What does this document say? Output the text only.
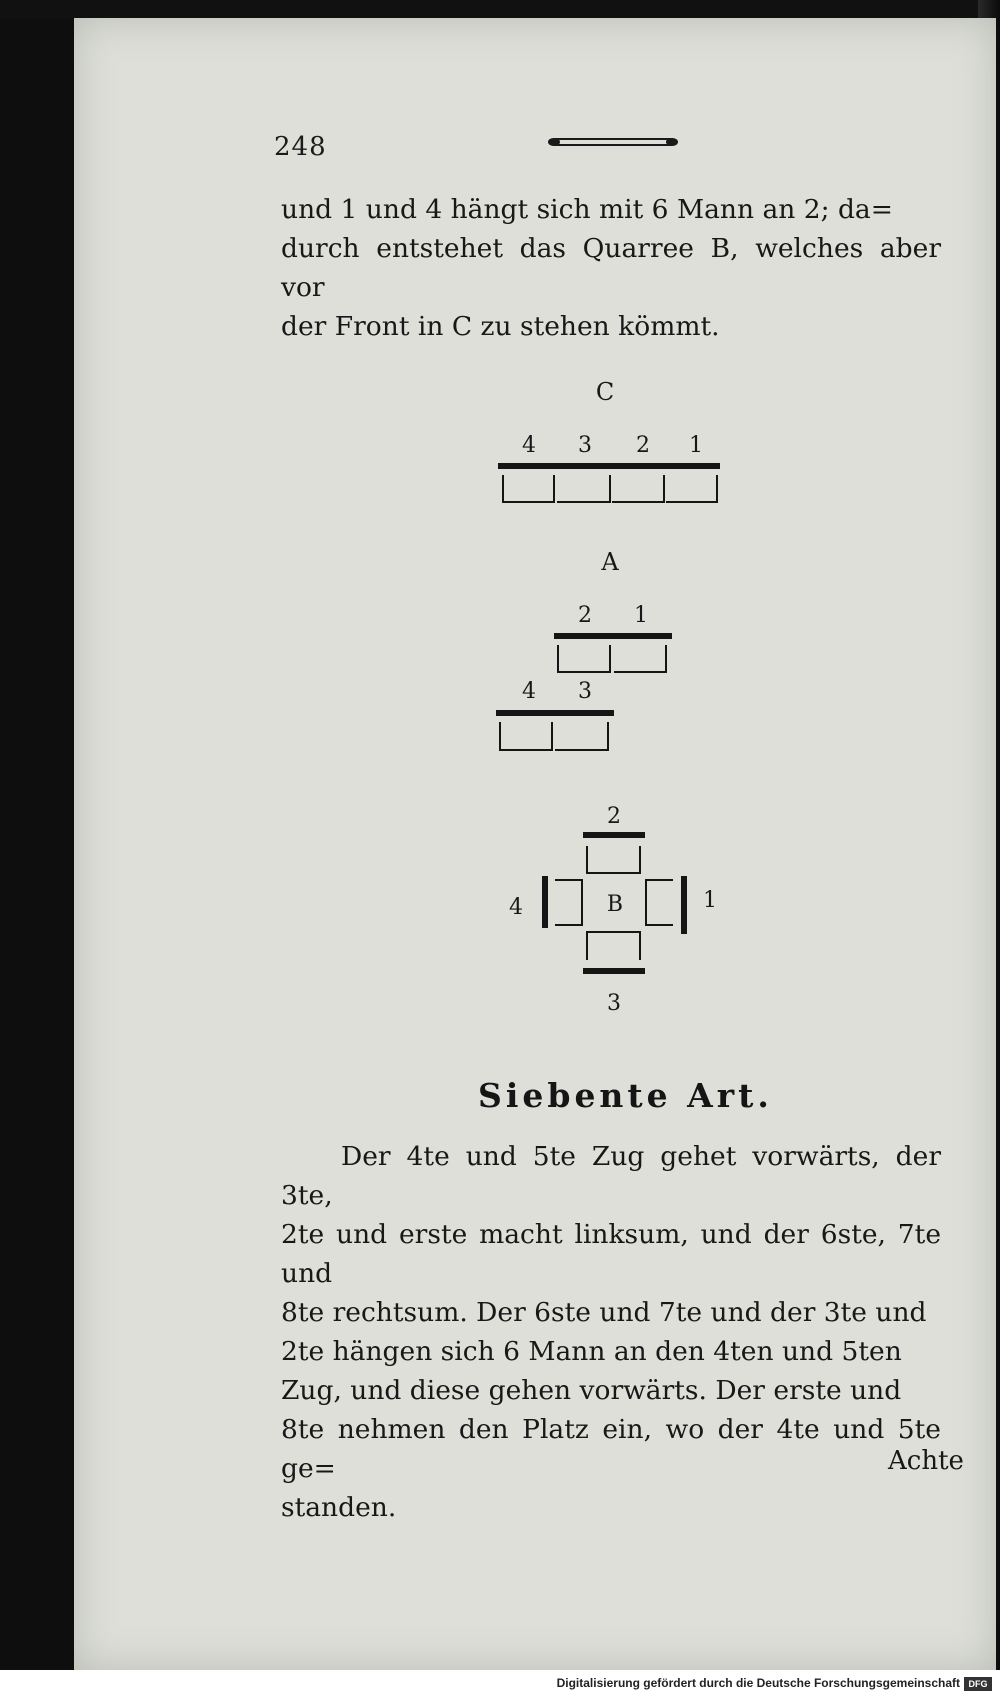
248

und 1 und 4 hängt sich mit 6 Mann an 2; da=

durch entstehet das Quarree B, welches aber vor

der Front in C zu stehen kömmt.

C
4 3 2 1
A
2 1
4 3
2
B
4	1
3
Siebente Art.

Der 4te und 5te Zug gehet vorwärts, der 3te,

2te und erste macht linksum, und der 6ste, 7te und

8te rechtsum. Der 6ste und 7te und der 3te und

2te hängen sich 6 Mann an den 4ten und 5ten

Zug, und diese gehen vorwärts. Der erste und

8te nehmen den Platz ein, wo der 4te und 5te ge=

standen.

Achte
Digitalisierung gefördert durch die Deutsche Forschungsgemeinschaft DFG
